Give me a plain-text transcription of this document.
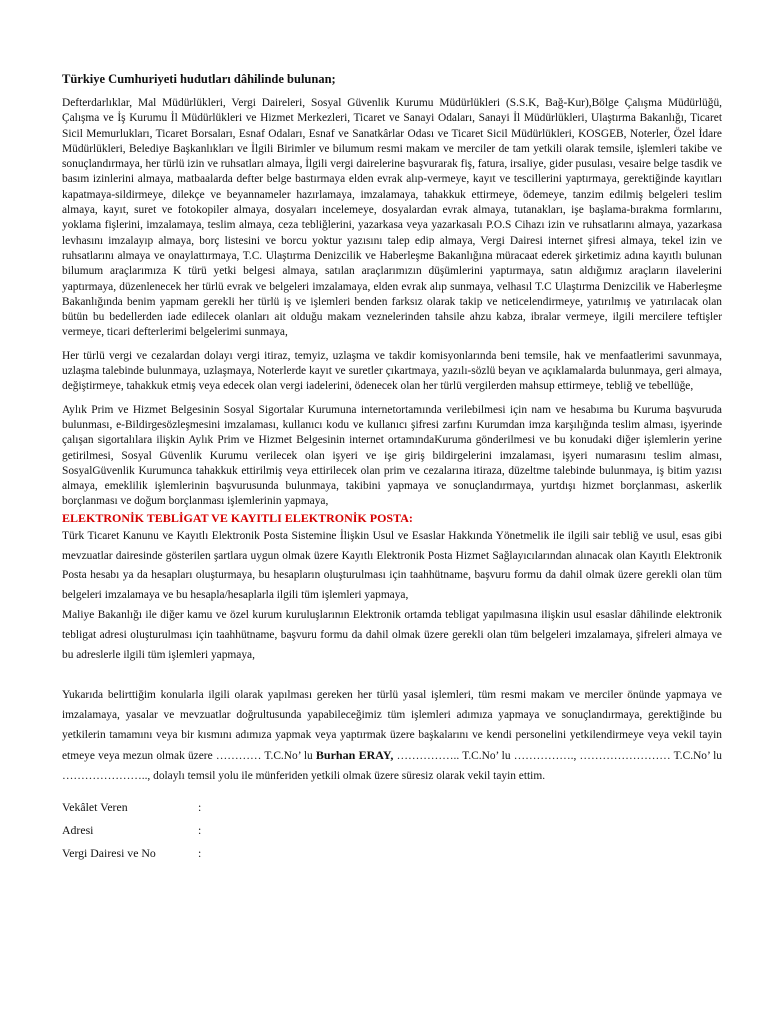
Türkiye Cumhuriyeti hudutları dâhilinde bulunan;

Defterdarlıklar, Mal Müdürlükleri, Vergi Daireleri, Sosyal Güvenlik Kurumu Müdürlükleri (S.S.K, Bağ-Kur),Bölge Çalışma Müdürlüğü, Çalışma ve İş Kurumu İl Müdürlükleri ve Hizmet Merkezleri, Ticaret ve Sanayi Odaları, Sanayi İl Müdürlükleri, Ulaştırma Bakanlığı, Ticaret Sicil Memurlukları, Ticaret Borsaları, Esnaf Odaları, Esnaf ve Sanatkârlar Odası ve Ticaret Sicil Müdürlükleri, KOSGEB, Noterler, Özel İdare Müdürlükleri, Belediye Başkanlıkları ve İlgili Birimler ve bilumum resmi makam ve merciler de tam yetkili olarak temsile, işlemleri takibe ve sonuçlandırmaya, her türlü izin ve ruhsatları almaya, İlgili vergi dairelerine başvurarak fiş, fatura, irsaliye, gider pusulası, vesaire belge tasdik ve basım izinlerini almaya, matbaalarda defter belge bastırmaya elden evrak alıp-vermeye, kayıt ve tescillerini yaptırmaya, gerektiğinde kayıtları kapatmaya-sildirmeye, dilekçe ve beyannameler hazırlamaya, imzalamaya, tahakkuk ettirmeye, ödemeye, tanzim edilmiş belgeleri teslim almaya, kayıt, suret ve fotokopiler almaya, dosyaları incelemeye, dosyalardan evrak almaya, tutanakları, işe başlama-bırakma formlarını, yoklama fişlerini, imzalamaya, teslim almaya, ceza tebliğlerini, yazarkasa veya yazarkasalı P.O.S Cihazı izin ve ruhsatlarını almaya, yazarkasa levhasını imzalayıp almaya, borç listesini ve borcu yoktur yazısını talep edip almaya, Vergi Dairesi internet şifresi almaya, tekel izin ve ruhsatlarını almaya ve onaylattırmaya, T.C. Ulaştırma Denizcilik ve Haberleşme Bakanlığına müracaat ederek şirketimiz adına kayıtlı bulunan bilumum araçlarımıza K türü yetki belgesi almaya, satılan araçlarımızın düşümlerini yaptırmaya, satın aldığımız araçların ilavelerini yaptırmaya, düzenlenecek her türlü evrak ve belgeleri imzalamaya, elden evrak alıp sunmaya, velhasıl T.C Ulaştırma Denizcilik ve Haberleşme Bakanlığında benim yapmam gerekli her türlü iş ve işlemleri benden farksız olarak takip ve neticelendirmeye, yatırılmış ve yatırılacak olan bütün bu bedellerden iade edilecek olanları ait olduğu makam veznelerinden tahsile ahzu kabza, ibralar vermeye, ilgili mercilere teftişler vermeye, ticari defterlerimi belgelerimi sunmaya,

Her türlü vergi ve cezalardan dolayı vergi itiraz, temyiz, uzlaşma ve takdir komisyonlarında beni temsile, hak ve menfaatlerimi savunmaya, uzlaşma talebinde bulunmaya, uzlaşmaya, Noterlerde kayıt ve suretler çıkartmaya, yazılı-sözlü beyan ve açıklamalarda bulunmaya, geri almaya, değiştirmeye, tahakkuk etmiş veya edecek olan vergi iadelerini, ödenecek olan her türlü vergilerden mahsup ettirmeye, tebliğ ve tebellüğe,

Aylık Prim ve Hizmet Belgesinin Sosyal Sigortalar Kurumuna internetortamında verilebilmesi için nam ve hesabıma bu Kuruma başvuruda bulunması, e-Bildirgesözleşmesini imzalaması, kullanıcı kodu ve kullanıcı şifresi zarfını Kurumdan imza karşılığında teslim alması, işyerinde çalışan sigortalılara ilişkin Aylık Prim ve Hizmet Belgesinin internet ortamındaKuruma gönderilmesi ve bu konudaki diğer işlemlerin yerine getirilmesi, Sosyal Güvenlik Kurumu verilecek olan işyeri ve işe giriş bildirgelerini imzalaması, işyeri numarasını teslim alması, SosyalGüvenlik Kurumunca tahakkuk ettirilmiş veya ettirilecek olan prim ve cezalarına itiraza, düzeltme talebinde bulunmaya, iş bitim yazısı almaya, emeklilik işlemlerinin başvurusunda bulunmaya, takibini yapmaya ve sonuçlandırmaya, yurtdışı hizmet borçlanması, askerlik borçlanması ve doğum borçlanması işlemlerinin yapmaya,

ELEKTRONİK TEBLİGAT VE KAYITLI ELEKTRONİK POSTA:

Türk Ticaret Kanunu ve Kayıtlı Elektronik Posta Sistemine İlişkin Usul ve Esaslar Hakkında Yönetmelik ile ilgili sair tebliğ ve usul, esas gibi mevzuatlar dairesinde gösterilen şartlara uygun olmak üzere Kayıtlı Elektronik Posta Hizmet Sağlayıcılarından alınacak olan Kayıtlı Elektronik Posta hesabı ya da hesapları oluşturmaya, bu hesapların oluşturulması için taahhütname, başvuru formu da dahil olmak üzere gerekli olan tüm belgeleri imzalamaya ve bu hesapla/hesaplarla ilgili tüm işlemleri yapmaya,

Maliye Bakanlığı ile diğer kamu ve özel kurum kuruluşlarının Elektronik ortamda tebligat yapılmasına ilişkin usul esaslar dâhilinde elektronik tebligat adresi oluşturulması için taahhütname, başvuru formu da dahil olmak üzere gerekli olan tüm belgeleri imzalamaya, şifreleri almaya ve bu adreslerle ilgili tüm işlemleri yapmaya,

Yukarıda belirttiğim konularla ilgili olarak yapılması gereken her türlü yasal işlemleri, tüm resmi makam ve merciler önünde yapmaya ve imzalamaya, yasalar ve mevzuatlar doğrultusunda yapabileceğimiz tüm işlemleri adımıza yapmaya ve sonuçlandırmaya, gerektiğinde bu yetkilerin tamamını veya bir kısmını adımıza yapmak veya yaptırmak üzere başkalarını ve kendi personelini yetkilendirmeye veya vekil tayin etmeye veya mezun olmak üzere ………… T.C.No’ lu Burhan ERAY, …………….. T.C.No’ lu ……………., …………………… T.C.No’ lu ………………….., dolaylı temsil yolu ile münferiden yetkili olmak üzere süresiz olarak vekil tayin ettim.

Vekâlet Veren	:
Adresi	:
Vergi Dairesi ve No	:
